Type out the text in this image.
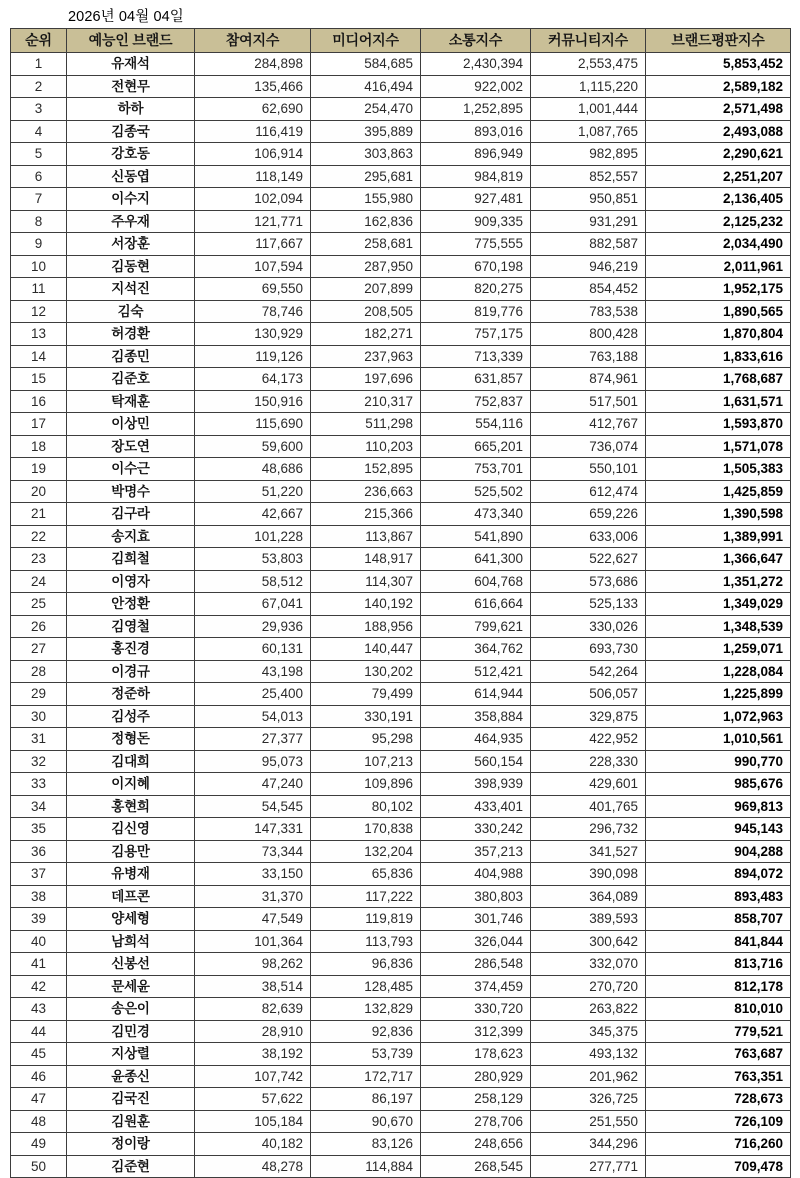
2026년 04월 04일
순위	예능인 브랜드	참여지수	미디어지수	소통지수	커뮤니티지수	브랜드평판지수
1	유재석	284,898	584,685	2,430,394	2,553,475	5,853,452
2	전현무	135,466	416,494	922,002	1,115,220	2,589,182
3	하하	62,690	254,470	1,252,895	1,001,444	2,571,498
4	김종국	116,419	395,889	893,016	1,087,765	2,493,088
5	강호동	106,914	303,863	896,949	982,895	2,290,621
6	신동엽	118,149	295,681	984,819	852,557	2,251,207
7	이수지	102,094	155,980	927,481	950,851	2,136,405
8	주우재	121,771	162,836	909,335	931,291	2,125,232
9	서장훈	117,667	258,681	775,555	882,587	2,034,490
10	김동현	107,594	287,950	670,198	946,219	2,011,961
11	지석진	69,550	207,899	820,275	854,452	1,952,175
12	김숙	78,746	208,505	819,776	783,538	1,890,565
13	허경환	130,929	182,271	757,175	800,428	1,870,804
14	김종민	119,126	237,963	713,339	763,188	1,833,616
15	김준호	64,173	197,696	631,857	874,961	1,768,687
16	탁재훈	150,916	210,317	752,837	517,501	1,631,571
17	이상민	115,690	511,298	554,116	412,767	1,593,870
18	장도연	59,600	110,203	665,201	736,074	1,571,078
19	이수근	48,686	152,895	753,701	550,101	1,505,383
20	박명수	51,220	236,663	525,502	612,474	1,425,859
21	김구라	42,667	215,366	473,340	659,226	1,390,598
22	송지효	101,228	113,867	541,890	633,006	1,389,991
23	김희철	53,803	148,917	641,300	522,627	1,366,647
24	이영자	58,512	114,307	604,768	573,686	1,351,272
25	안정환	67,041	140,192	616,664	525,133	1,349,029
26	김영철	29,936	188,956	799,621	330,026	1,348,539
27	홍진경	60,131	140,447	364,762	693,730	1,259,071
28	이경규	43,198	130,202	512,421	542,264	1,228,084
29	정준하	25,400	79,499	614,944	506,057	1,225,899
30	김성주	54,013	330,191	358,884	329,875	1,072,963
31	정형돈	27,377	95,298	464,935	422,952	1,010,561
32	김대희	95,073	107,213	560,154	228,330	990,770
33	이지혜	47,240	109,896	398,939	429,601	985,676
34	홍현희	54,545	80,102	433,401	401,765	969,813
35	김신영	147,331	170,838	330,242	296,732	945,143
36	김용만	73,344	132,204	357,213	341,527	904,288
37	유병재	33,150	65,836	404,988	390,098	894,072
38	데프콘	31,370	117,222	380,803	364,089	893,483
39	양세형	47,549	119,819	301,746	389,593	858,707
40	남희석	101,364	113,793	326,044	300,642	841,844
41	신봉선	98,262	96,836	286,548	332,070	813,716
42	문세윤	38,514	128,485	374,459	270,720	812,178
43	송은이	82,639	132,829	330,720	263,822	810,010
44	김민경	28,910	92,836	312,399	345,375	779,521
45	지상렬	38,192	53,739	178,623	493,132	763,687
46	윤종신	107,742	172,717	280,929	201,962	763,351
47	김국진	57,622	86,197	258,129	326,725	728,673
48	김원훈	105,184	90,670	278,706	251,550	726,109
49	정이랑	40,182	83,126	248,656	344,296	716,260
50	김준현	48,278	114,884	268,545	277,771	709,478
